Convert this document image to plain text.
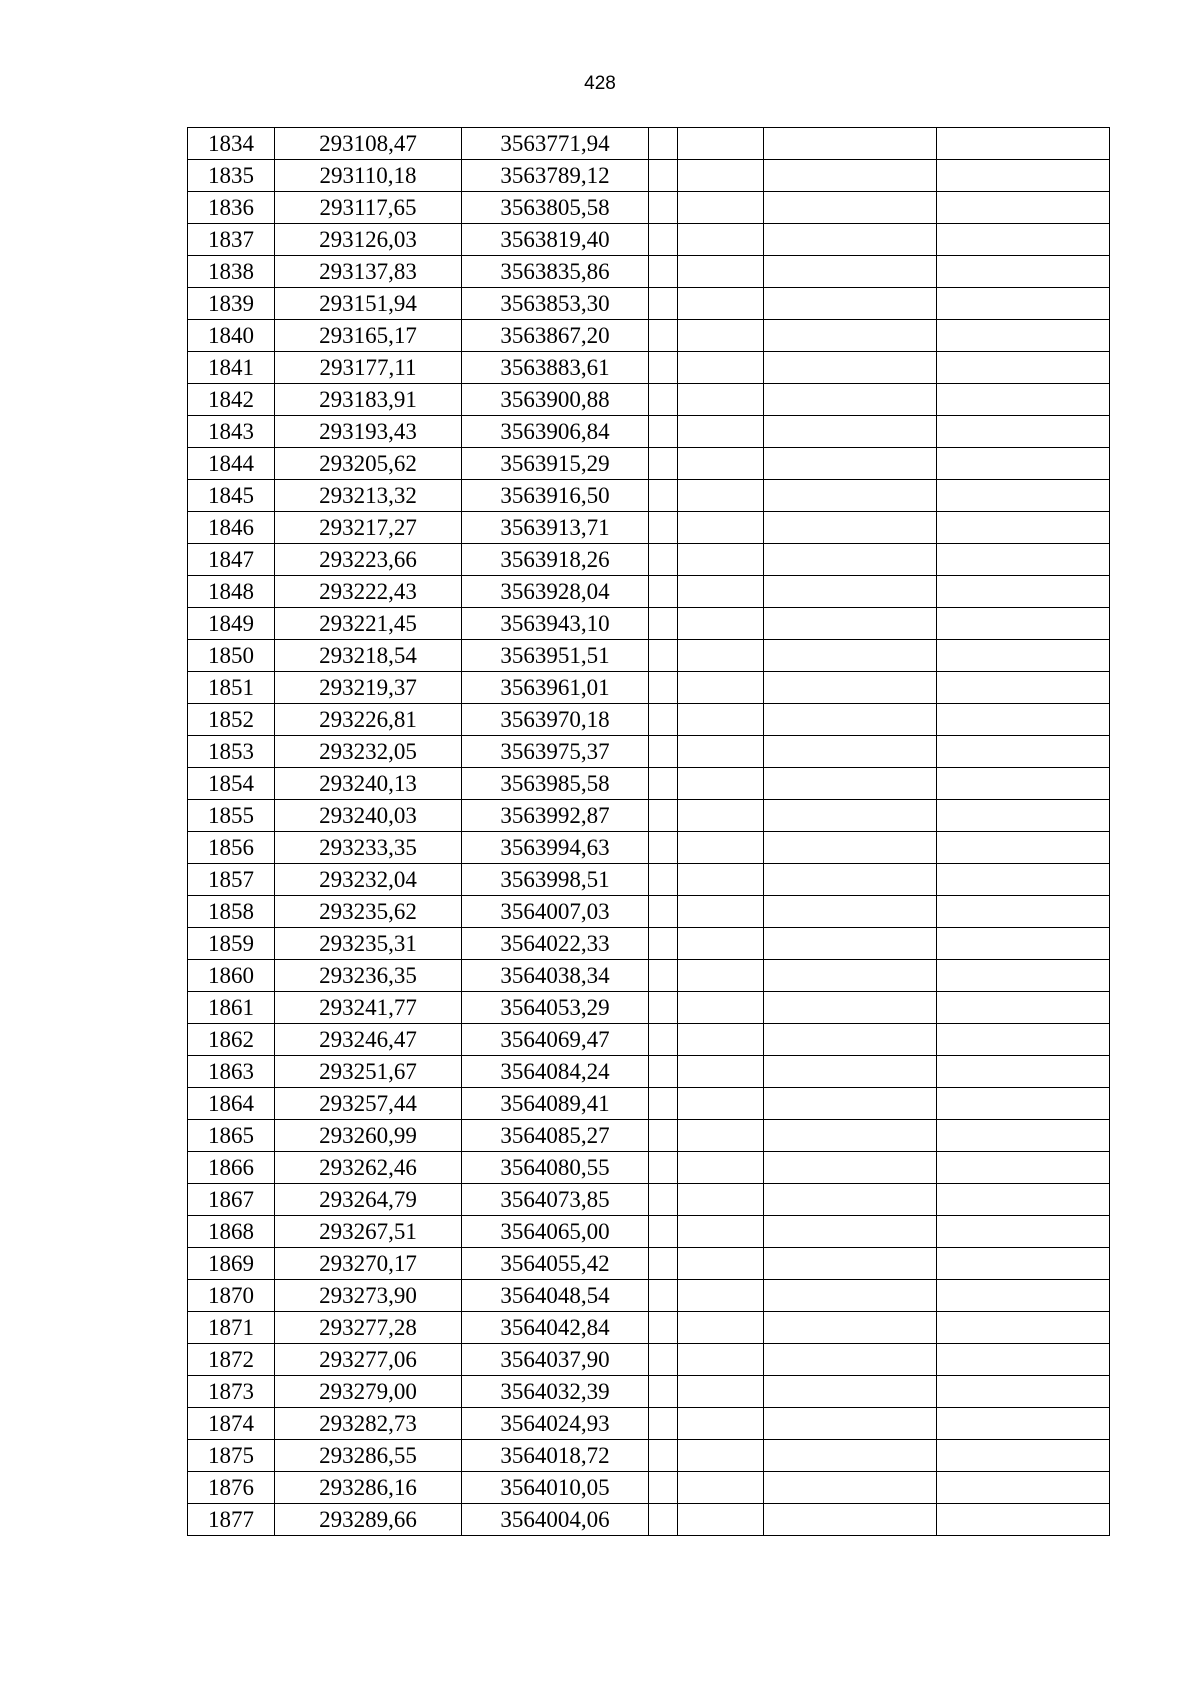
428
1834	293108,47	3563771,94				
1835	293110,18	3563789,12				
1836	293117,65	3563805,58				
1837	293126,03	3563819,40				
1838	293137,83	3563835,86				
1839	293151,94	3563853,30				
1840	293165,17	3563867,20				
1841	293177,11	3563883,61				
1842	293183,91	3563900,88				
1843	293193,43	3563906,84				
1844	293205,62	3563915,29				
1845	293213,32	3563916,50				
1846	293217,27	3563913,71				
1847	293223,66	3563918,26				
1848	293222,43	3563928,04				
1849	293221,45	3563943,10				
1850	293218,54	3563951,51				
1851	293219,37	3563961,01				
1852	293226,81	3563970,18				
1853	293232,05	3563975,37				
1854	293240,13	3563985,58				
1855	293240,03	3563992,87				
1856	293233,35	3563994,63				
1857	293232,04	3563998,51				
1858	293235,62	3564007,03				
1859	293235,31	3564022,33				
1860	293236,35	3564038,34				
1861	293241,77	3564053,29				
1862	293246,47	3564069,47				
1863	293251,67	3564084,24				
1864	293257,44	3564089,41				
1865	293260,99	3564085,27				
1866	293262,46	3564080,55				
1867	293264,79	3564073,85				
1868	293267,51	3564065,00				
1869	293270,17	3564055,42				
1870	293273,90	3564048,54				
1871	293277,28	3564042,84				
1872	293277,06	3564037,90				
1873	293279,00	3564032,39				
1874	293282,73	3564024,93				
1875	293286,55	3564018,72				
1876	293286,16	3564010,05				
1877	293289,66	3564004,06				
